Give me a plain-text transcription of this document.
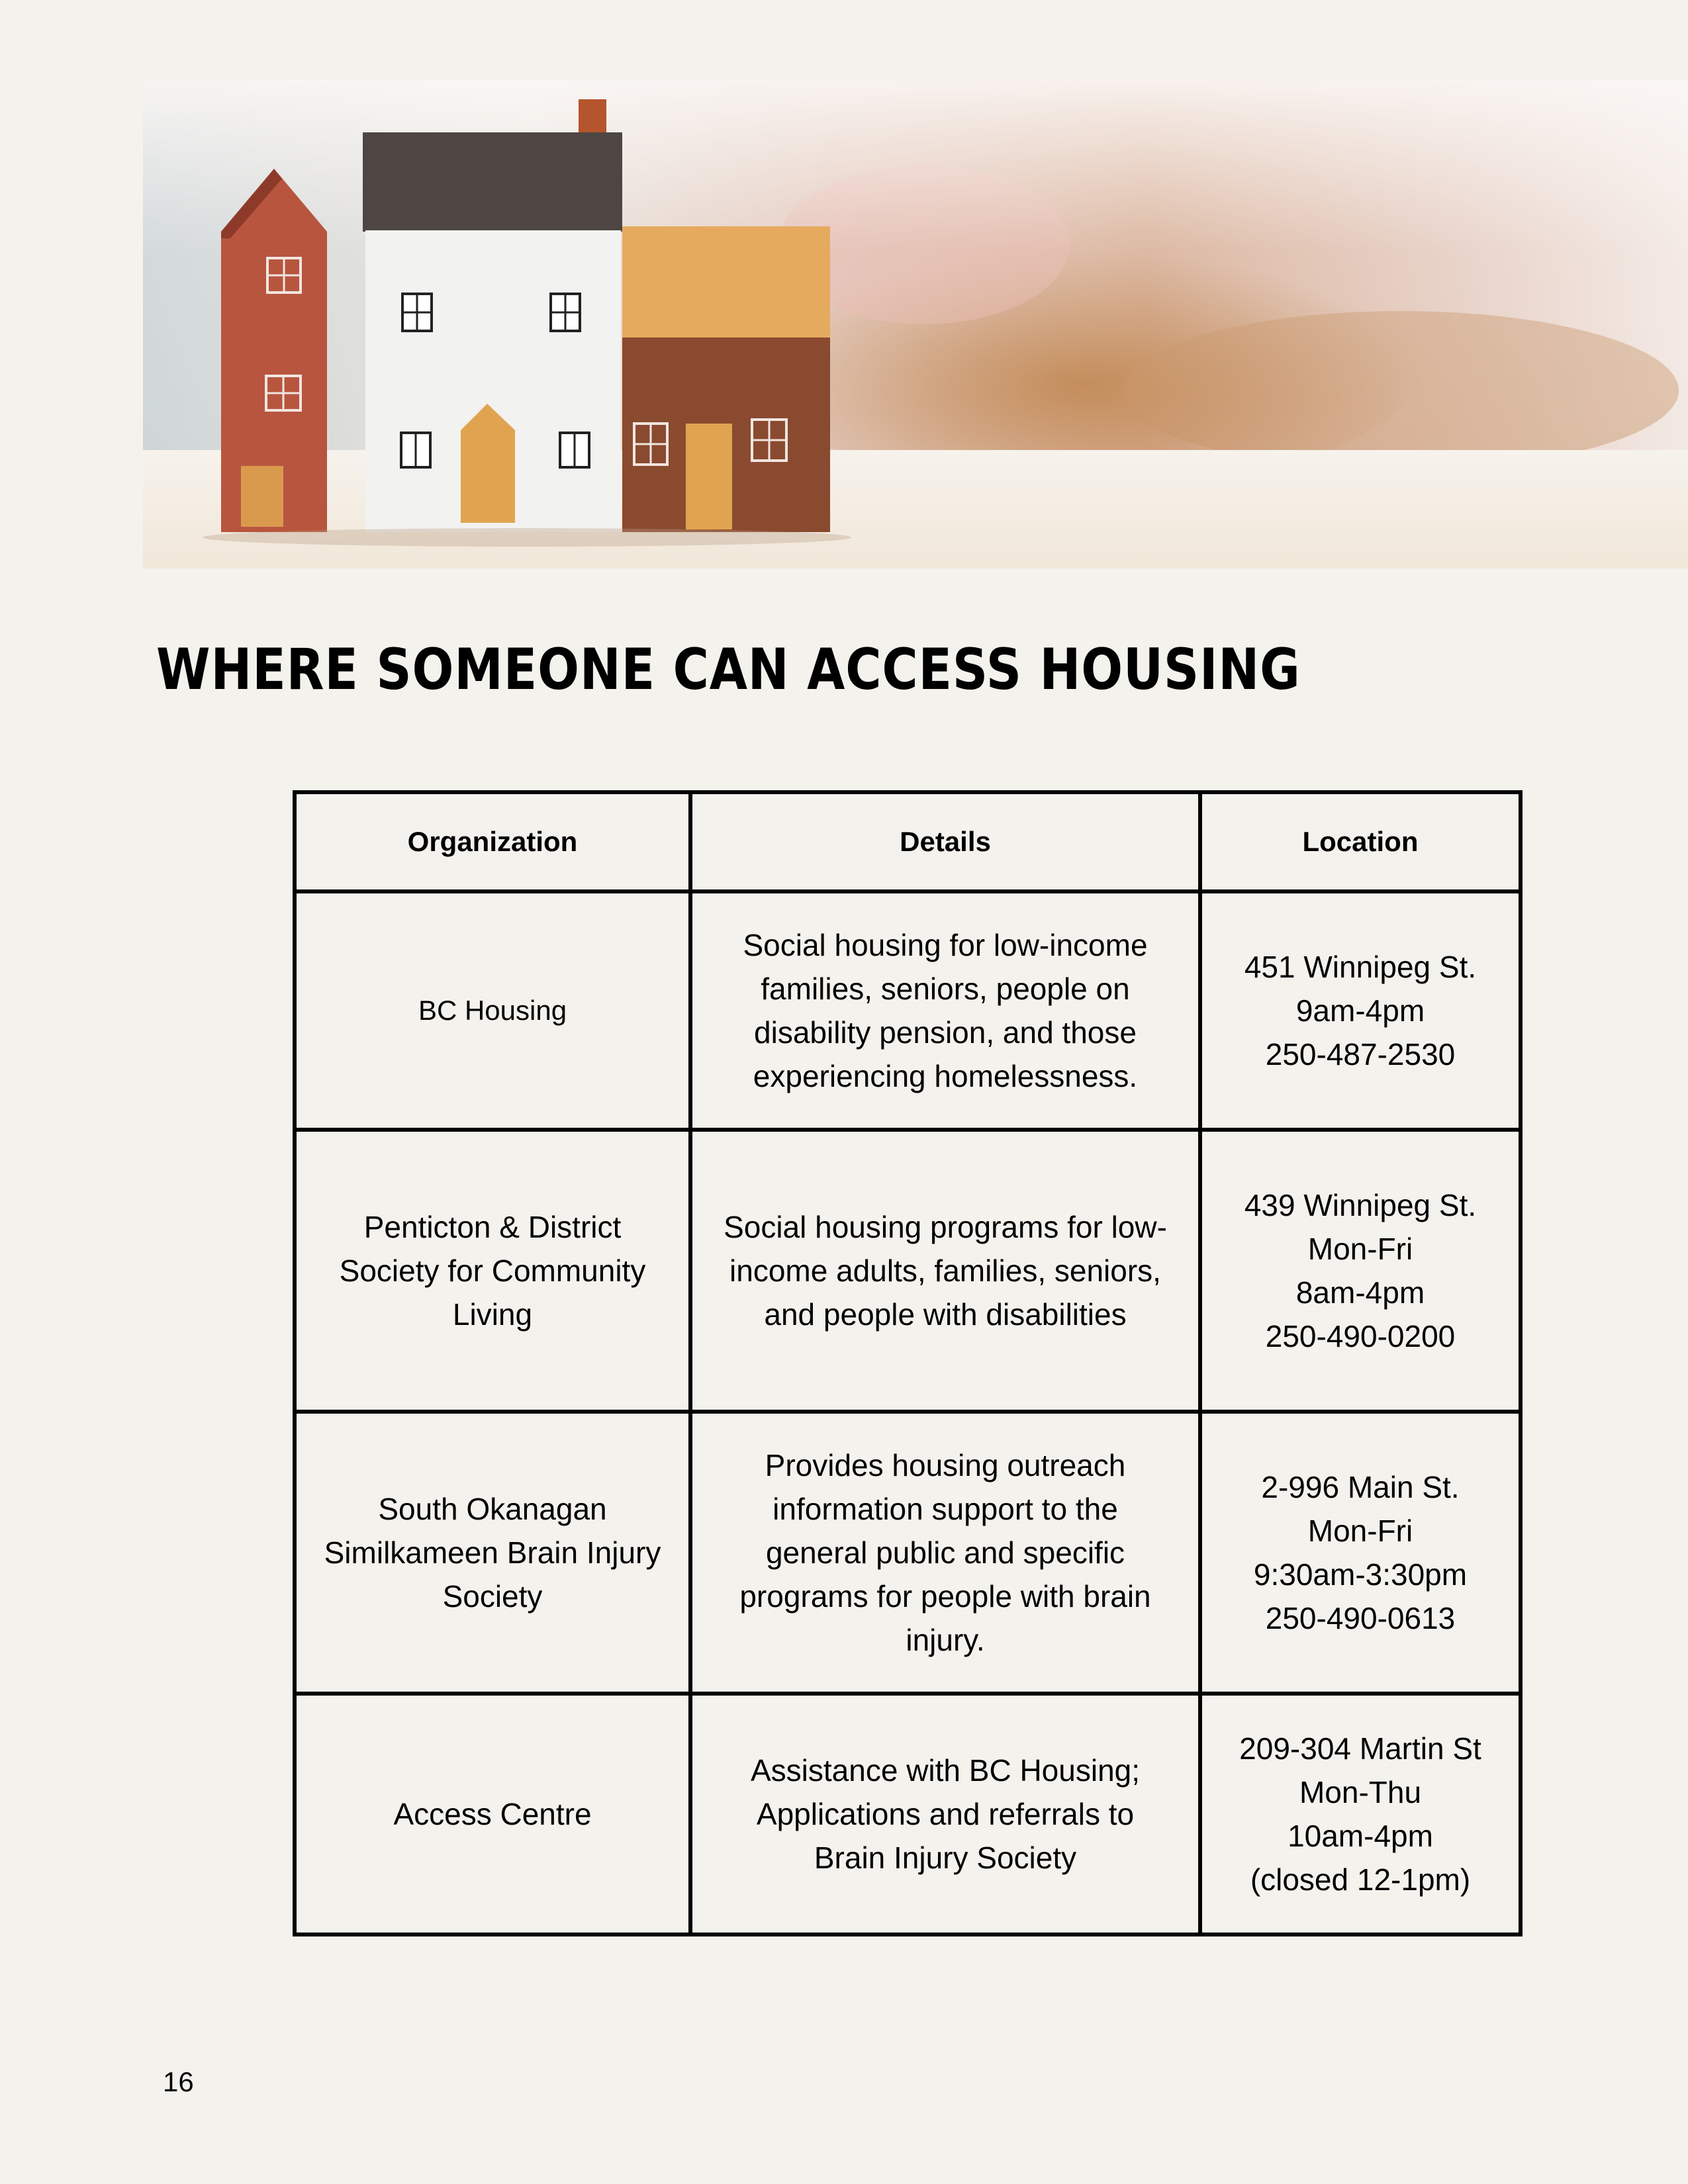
WHERE SOMEONE CAN ACCESS HOUSING
Organization	Details	Location
BC Housing	Social housing for low-income families, seniors, people on disability pension, and those experiencing homelessness.	451 Winnipeg St.
9am-4pm
250-487-2530

Penticton & District Society for Community Living	Social housing programs for low-income adults, families, seniors, and people with disabilities	439 Winnipeg St.
Mon-Fri
8am-4pm
250-490-0200

South Okanagan Similkameen Brain Injury Society	Provides housing outreach information support to the general public and specific programs for people with brain injury.	2-996 Main St.
Mon-Fri
9:30am-3:30pm
250-490-0613

Access Centre	Assistance with BC Housing; Applications and referrals to Brain Injury Society	209-304 Martin St
Mon-Thu
10am-4pm
(closed 12-1pm)
16
